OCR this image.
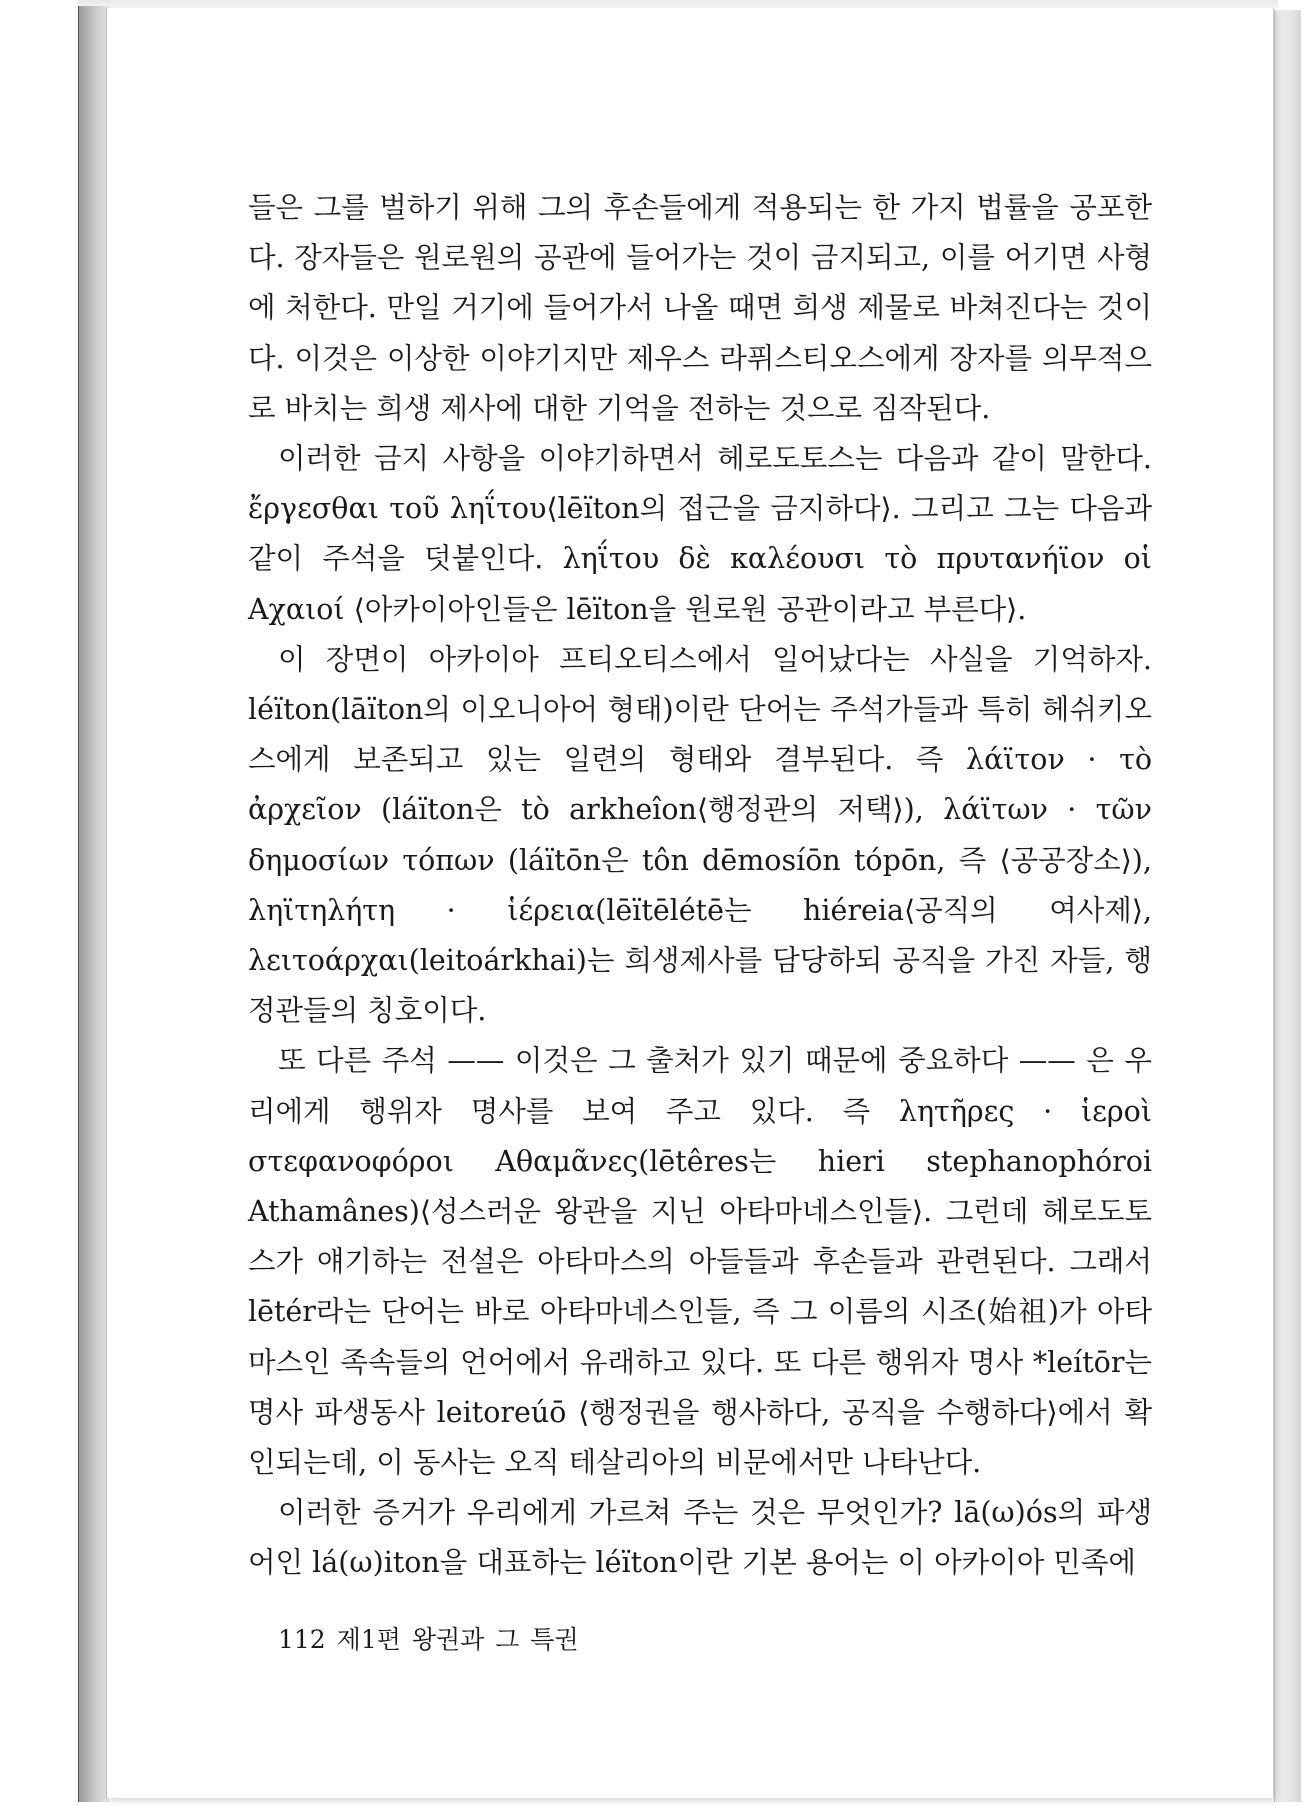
들은 그를 벌하기 위해 그의 후손들에게 적용되는 한 가지 법률을 공포한다. 장자들은 원로원의 공관에 들어가는 것이 금지되고, 이를 어기면 사형에 처한다. 만일 거기에 들어가서 나올 때면 희생 제물로 바쳐진다는 것이다. 이것은 이상한 이야기지만 제우스 라퓌스티오스에게 장자를 의무적으로 바치는 희생 제사에 대한 기억을 전하는 것으로 짐작된다.

이러한 금지 사항을 이야기하면서 헤로도토스는 다음과 같이 말한다. ἔργεσθαι τοῦ ληΐτου⟨lēïton의 접근을 금지하다⟩. 그리고 그는 다음과 같이 주석을 덧붙인다. ληΐτου δὲ καλέουσι τὸ πρυτανήϊον οἱ Αχαιοί ⟨아카이아인들은 lēïton을 원로원 공관이라고 부른다⟩.

이 장면이 아카이아 프티오티스에서 일어났다는 사실을 기억하자. léïton(lāïton의 이오니아어 형태)이란 단어는 주석가들과 특히 헤쉬키오스에게 보존되고 있는 일련의 형태와 결부된다. 즉 λάϊτον · τὸ ἀρχεῖον (láïton은 tò arkheîon⟨행정관의 저택⟩), λάϊτων · τῶν δημοσίων τόπων (láïtōn은 tôn dēmosíōn tópōn, 즉 ⟨공공장소⟩), ληϊτηλήτη · ἱέρεια(lēïtēlétē는 hiéreia⟨공직의 여사제⟩, λειτοάρχαι(leitoárkhai)는 희생제사를 담당하되 공직을 가진 자들, 행정관들의 칭호이다.

또 다른 주석 —— 이것은 그 출처가 있기 때문에 중요하다 —— 은 우리에게 행위자 명사를 보여 주고 있다. 즉 λητῆρες · ἱεροὶ στεφανοφόροι Αθαμᾶνες(lētêres는 hieri stephanophóroi Athamânes)⟨성스러운 왕관을 지닌 아타마네스인들⟩. 그런데 헤로도토스가 얘기하는 전설은 아타마스의 아들들과 후손들과 관련된다. 그래서 lētér라는 단어는 바로 아타마네스인들, 즉 그 이름의 시조(始祖)가 아타마스인 족속들의 언어에서 유래하고 있다. 또 다른 행위자 명사 *leítōr는 명사 파생동사 leitoreúō ⟨행정권을 행사하다, 공직을 수행하다⟩에서 확인되는데, 이 동사는 오직 테살리아의 비문에서만 나타난다.

이러한 증거가 우리에게 가르쳐 주는 것은 무엇인가? lā(ω)ós의 파생어인 lá(ω)iton을 대표하는 léïton이란 기본 용어는 이 아카이아 민족에

112 제1편 왕권과 그 특권
